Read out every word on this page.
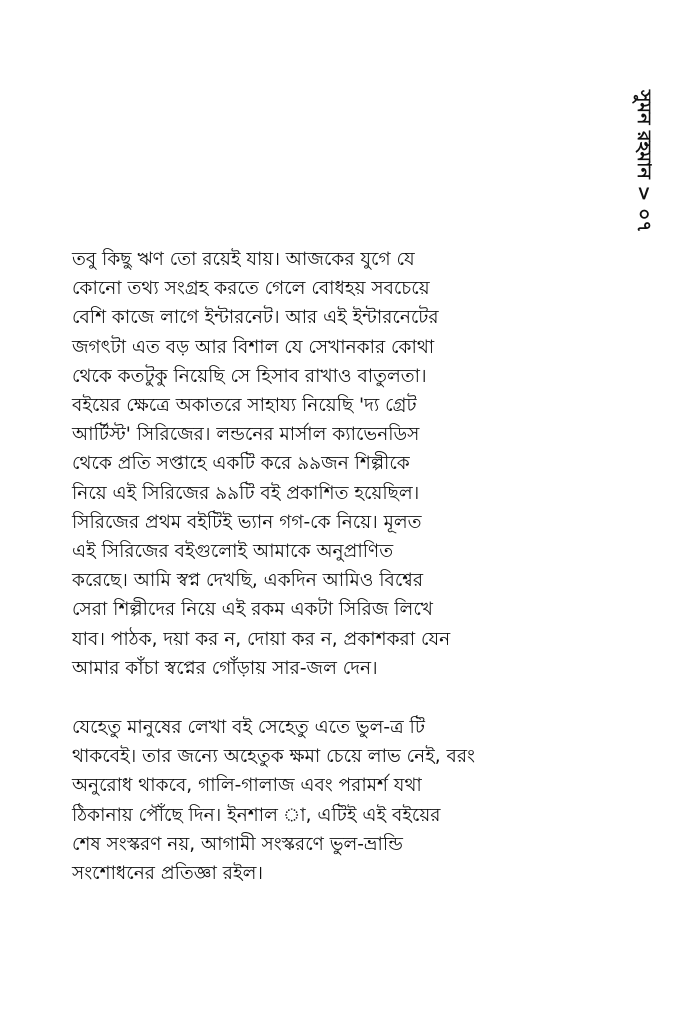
সুমন রহমান > ০৭

তবু কিছু ঋণ তো রয়েই যায়। আজকের যুগে যে
কোনো তথ্য সংগ্রহ করতে গেলে বোধহয় সবচেয়ে
বেশি কাজে লাগে ইন্টারনেট। আর এই ইন্টারনেটের
জগৎটা এত বড় আর বিশাল যে সেখানকার কোথা
থেকে কতটুকু নিয়েছি সে হিসাব রাখাও বাতুলতা।
বইয়ের ক্ষেত্রে অকাতরে সাহায্য নিয়েছি 'দ্য গ্রেট
আর্টিস্ট' সিরিজের। লন্ডনের মার্সাল ক্যাভেনডিস
থেকে প্রতি সপ্তাহে একটি করে ৯৯জন শিল্পীকে
নিয়ে এই সিরিজের ৯৯টি বই প্রকাশিত হয়েছিল।
সিরিজের প্রথম বইটিই ভ্যান গগ-কে নিয়ে। মূলত
এই সিরিজের বইগুলোই আমাকে অনুপ্রাণিত
করেছে। আমি স্বপ্ন দেখছি, একদিন আমিও বিশ্বের
সেরা শিল্পীদের নিয়ে এই রকম একটা সিরিজ লিখে
যাব। পাঠক, দয়া কর ন, দোয়া কর ন, প্রকাশকরা যেন
আমার কাঁচা স্বপ্নের গোঁড়ায় সার-জল দেন।

যেহেতু মানুষের লেখা বই সেহেতু এতে ভুল-ত্র টি
থাকবেই। তার জন্যে অহেতুক ক্ষমা চেয়ে লাভ নেই, বরং
অনুরোধ থাকবে, গালি-গালাজ এবং পরামর্শ যথা
ঠিকানায় পৌঁছে দিন। ইনশাল া, এটিই এই বইয়ের
শেষ সংস্করণ নয়, আগামী সংস্করণে ভুল-ভ্রান্ডি
সংশোধনের প্রতিজ্ঞা রইল।
